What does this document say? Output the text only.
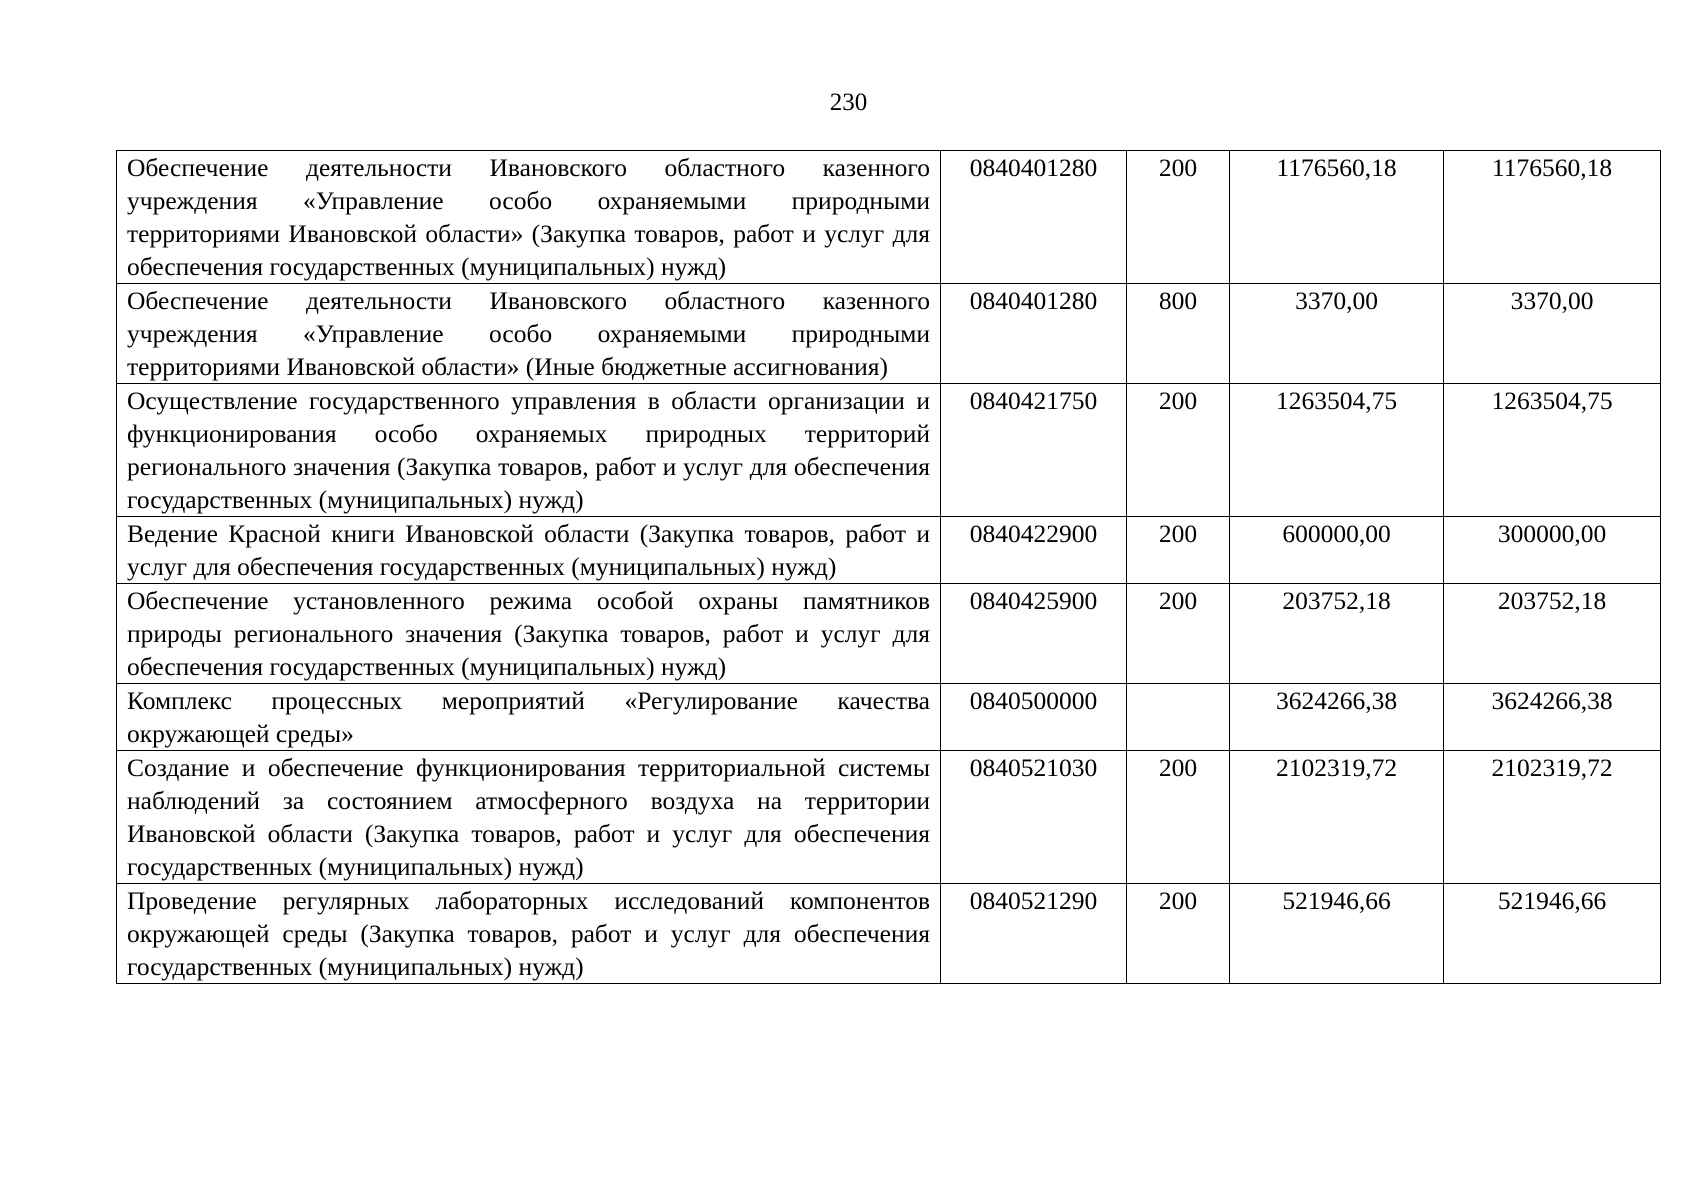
230
Обеспечение деятельности Ивановского областного казенного учреждения «Управление особо охраняемыми природными территориями Ивановской области» (Закупка товаров, работ и услуг для обеспечения государственных (муниципальных) нужд)	0840401280	200	1176560,18	1176560,18
Обеспечение деятельности Ивановского областного казенного учреждения «Управление особо охраняемыми природными территориями Ивановской области» (Иные бюджетные ассигнования)	0840401280	800	3370,00	3370,00
Осуществление государственного управления в области организации и функционирования особо охраняемых природных территорий регионального значения (Закупка товаров, работ и услуг для обеспечения государственных (муниципальных) нужд)	0840421750	200	1263504,75	1263504,75
Ведение Красной книги Ивановской области (Закупка товаров, работ и услуг для обеспечения государственных (муниципальных) нужд)	0840422900	200	600000,00	300000,00
Обеспечение установленного режима особой охраны памятников природы регионального значения (Закупка товаров, работ и услуг для обеспечения государственных (муниципальных) нужд)	0840425900	200	203752,18	203752,18
Комплекс процессных мероприятий «Регулирование качества окружающей среды»	0840500000		3624266,38	3624266,38
Создание и обеспечение функционирования территориальной системы наблюдений за состоянием атмосферного воздуха на территории Ивановской области (Закупка товаров, работ и услуг для обеспечения государственных (муниципальных) нужд)	0840521030	200	2102319,72	2102319,72
Проведение регулярных лабораторных исследований компонентов окружающей среды (Закупка товаров, работ и услуг для обеспечения государственных (муниципальных) нужд)	0840521290	200	521946,66	521946,66
